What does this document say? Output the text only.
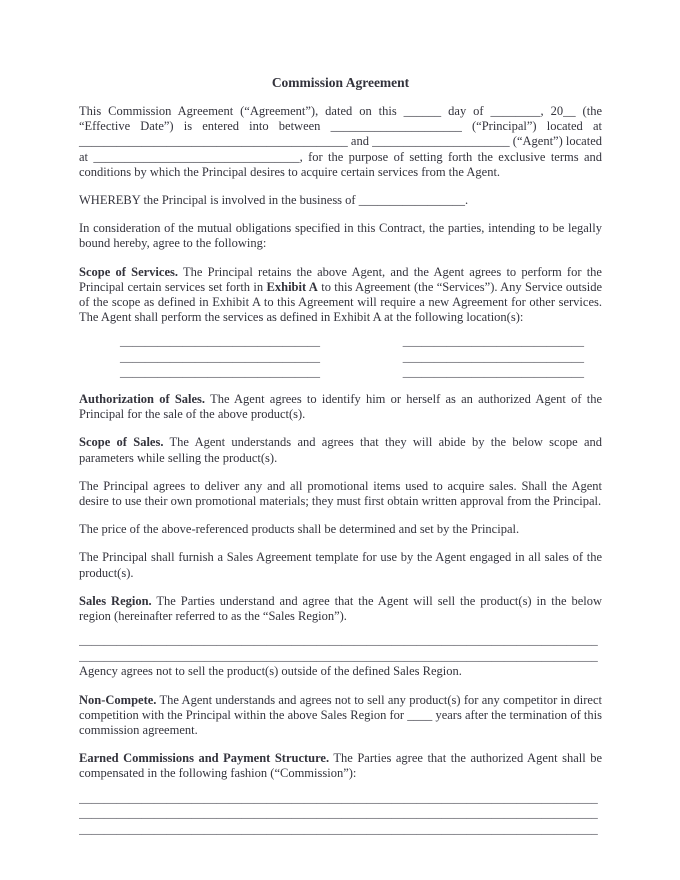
Commission Agreement

This Commission Agreement (“Agreement”), dated on this ______ day of ________, 20__ (the “Effective Date”) is entered into between _____________________ (“Principal”) located at ___________________________________________ and ______________________ (“Agent”) located at _________________________________, for the purpose of setting forth the exclusive terms and conditions by which the Principal desires to acquire certain services from the Agent.

WHEREBY the Principal is involved in the business of _________________.

In consideration of the mutual obligations specified in this Contract, the parties, intending to be legally bound hereby, agree to the following:

Scope of Services. The Principal retains the above Agent, and the Agent agrees to perform for the Principal certain services set forth in Exhibit A to this Agreement (the “Services”). Any Service outside of the scope as defined in Exhibit A to this Agreement will require a new Agreement for other services. The Agent shall perform the services as defined in Exhibit A at the following location(s):

________________________________	_____________________________
________________________________	_____________________________
________________________________	_____________________________

Authorization of Sales. The Agent agrees to identify him or herself as an authorized Agent of the Principal for the sale of the above product(s).

Scope of Sales. The Agent understands and agrees that they will abide by the below scope and parameters while selling the product(s).

The Principal agrees to deliver any and all promotional items used to acquire sales. Shall the Agent desire to use their own promotional materials; they must first obtain written approval from the Principal.

The price of the above-referenced products shall be determined and set by the Principal.

The Principal shall furnish a Sales Agreement template for use by the Agent engaged in all sales of the product(s).

Sales Region. The Parties understand and agree that the Agent will sell the product(s) in the below region (hereinafter referred to as the “Sales Region”).

___________________________________________________________________________________
___________________________________________________________________________________
Agency agrees not to sell the product(s) outside of the defined Sales Region.

Non-Compete. The Agent understands and agrees not to sell any product(s) for any competitor in direct competition with the Principal within the above Sales Region for ____ years after the termination of this commission agreement.

Earned Commissions and Payment Structure. The Parties agree that the authorized Agent shall be compensated in the following fashion (“Commission”):

___________________________________________________________________________________
___________________________________________________________________________________
___________________________________________________________________________________
